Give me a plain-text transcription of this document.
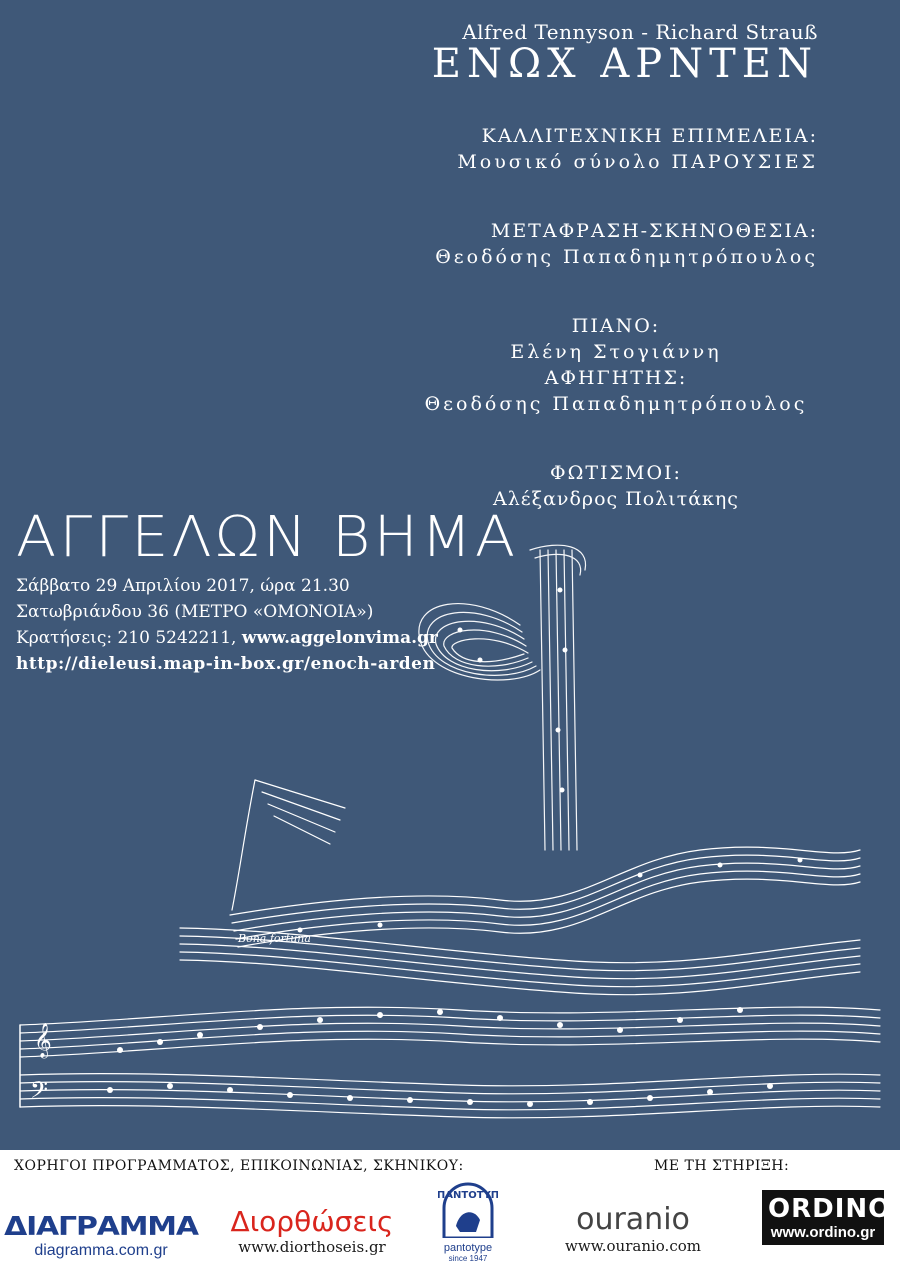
Alfred Tennyson - Richard Strauß
ΕΝΩΧ ΑΡΝΤΕΝ
ΚΑΛΛΙΤΕΧΝΙΚΗ ΕΠΙΜΕΛΕΙΑ:
Μουσικό σύνολο ΠΑΡΟΥΣΙΕΣ
ΜΕΤΑΦΡΑΣΗ-ΣΚΗΝΟΘΕΣΙΑ:
Θεοδόσης Παπαδημητρόπουλος
ΠΙΑΝΟ:
Ελένη Στογιάννη
ΑΦΗΓΗΤΗΣ:
Θεοδόσης Παπαδημητρόπουλος
ΦΩΤΙΣΜΟΙ:
Αλέξανδρος Πολιτάκης
𝄞
𝄢
Bona fortuna
ΑΓΓΕΛΩΝ ΒΗΜΑ
Σάββατο 29 Απριλίου 2017, ώρα 21.30
Σατωβριάνδου 36 (ΜΕΤΡΟ «ΟΜΟΝΟΙΑ»)
Κρατήσεις: 210 5242211, www.aggelonvima.gr
http://dieleusi.map-in-box.gr/enoch-arden
ΧΟΡΗΓΟΙ ΠΡΟΓΡΑΜΜΑΤΟΣ, ΕΠΙΚΟΙΝΩΝΙΑΣ, ΣΚΗΝΙΚΟΥ:	ΜΕ ΤΗ ΣΤΗΡΙΞΗ:
ΔΙΑΓΡΑΜΜΑ
diagramma.com.gr
Διορθώσεις
www.diorthoseis.gr
ΠΑΝΤΟΤΥΠ
pantotype
since 1947
ouranio
www.ouranio.com
ORDINO
www.ordino.gr
